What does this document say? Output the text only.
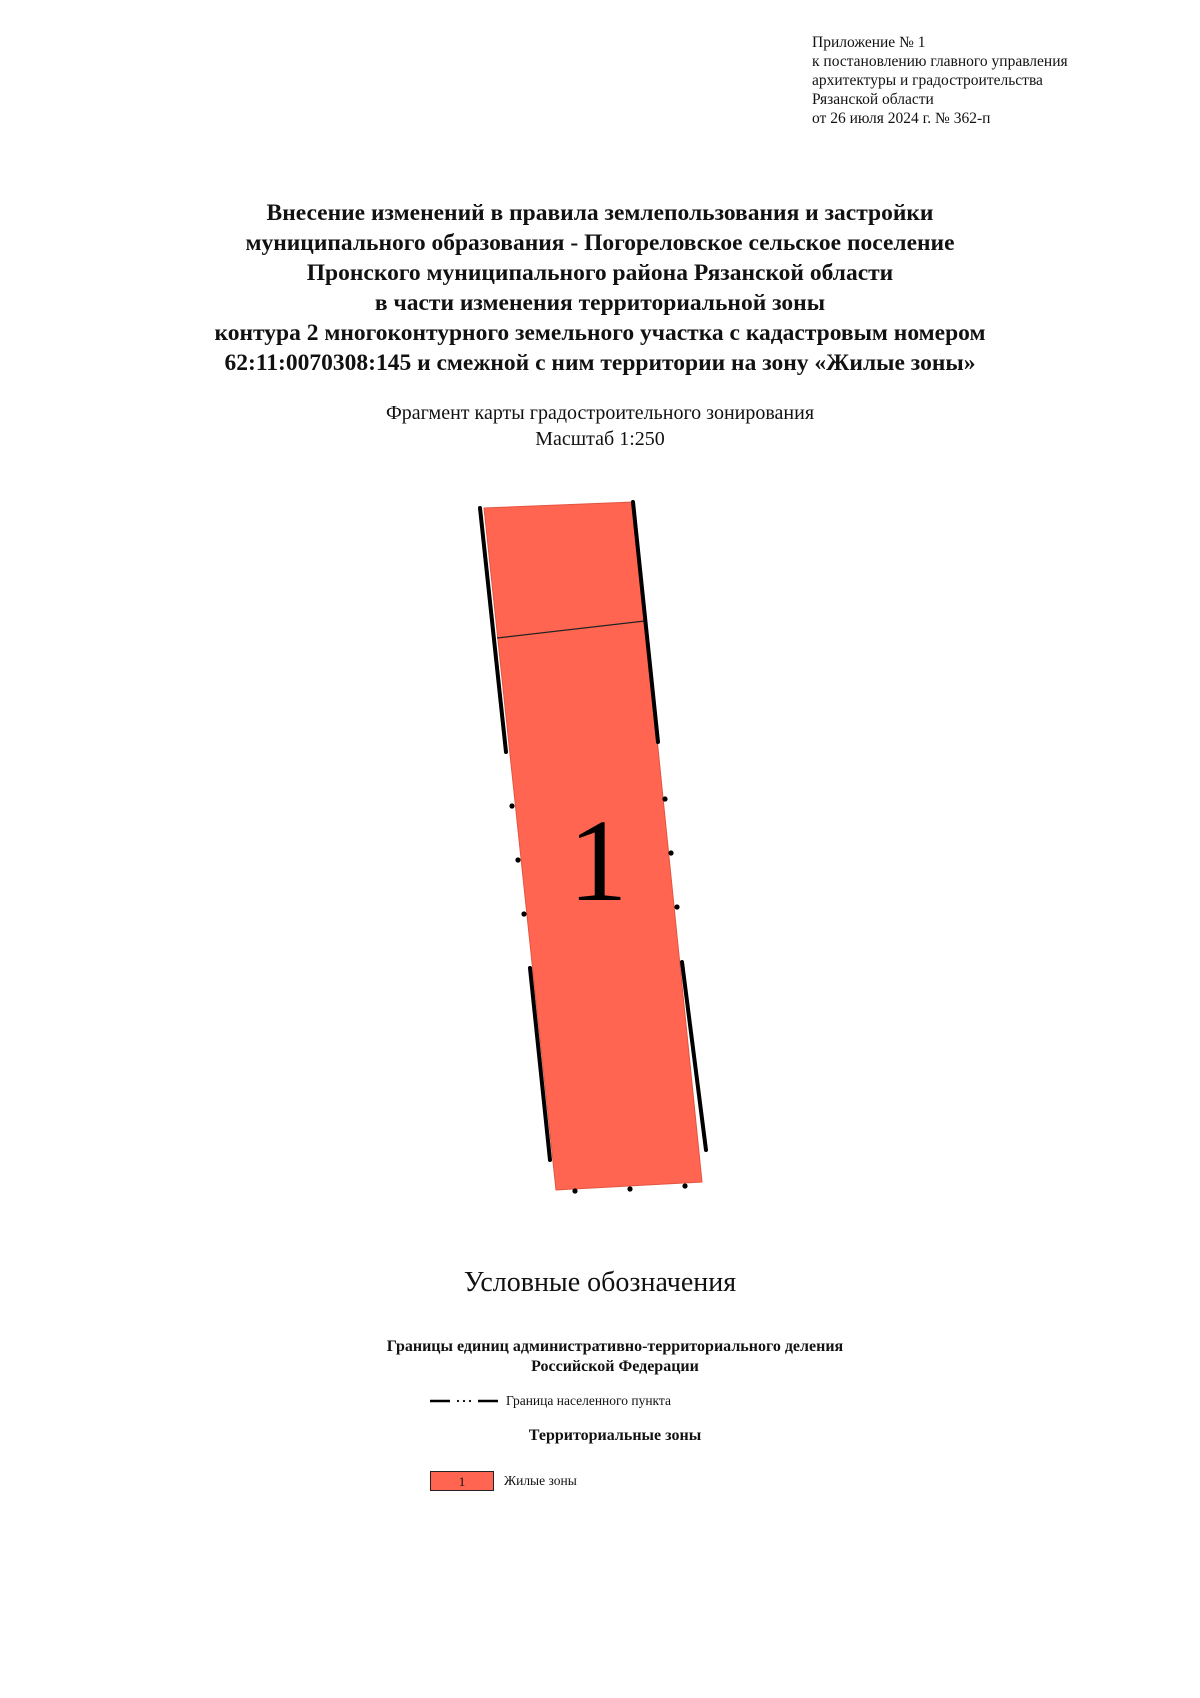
Приложение № 1
к постановлению главного управления
архитектуры и градостроительства
Рязанской области
от 26 июля 2024 г. № 362-п
Внесение изменений в правила землепользования и застройки
муниципального образования - Погореловское сельское поселение
Пронского муниципального района Рязанской области
в части изменения территориальной зоны
контура 2 многоконтурного земельного участка с кадастровым номером
62:11:0070308:145 и смежной с ним территории на зону «Жилые зоны»
Фрагмент карты градостроительного зонирования
Масштаб 1:250
1
Условные обозначения
Границы единиц административно-территориального деления
Российской Федерации
Граница населенного пункта
Территориальные зоны
1	Жилые зоны
